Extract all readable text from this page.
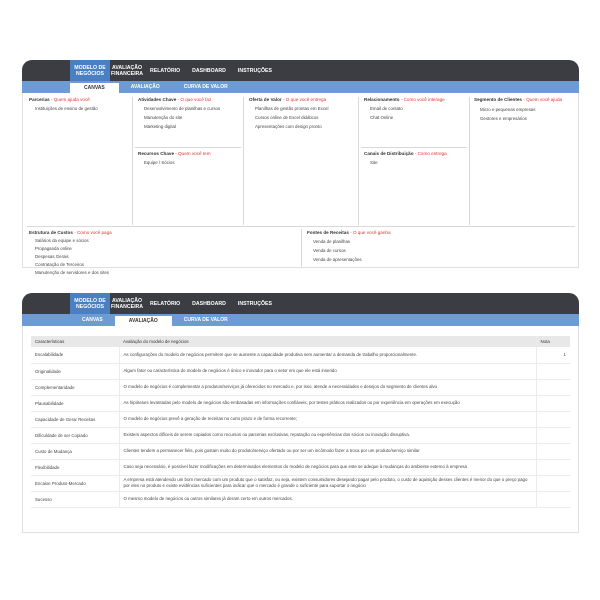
MODELO DE NEGÓCIOS
AVALIAÇÃO FINANCEIRA	RELATÓRIO	DASHBOARD	INSTRUÇÕES
CANVAS	AVALIAÇÃO	CURVA DE VALOR
Parcerias - Quem ajuda você
Instituições de ensino de gestão
Atividades Chave - O que você faz
Desenvolvimento de planilhas e cursos
Manutenção do site
Marketing digital
Recursos Chave - Quem você tem
Equipe / Sócios
Oferta de Valor - O que você entrega
Planilhas de gestão prontas em Excel
Cursos online de Excel didáticos
Apresentações com design pronto
Relacionamento - Como você interage
Email de contato
Chat Online
Canais de Distribuição - Como entrega
Site
Segmento de Clientes - Quem você ajuda
Micro e pequenas empresas
Gestores e empresários
Estrutura de Custos - Como você paga
Salários da equipe e sócios
Propaganda online
Despesas Gerais
Contratação de Terceiros
Manutenção de servidores e dos sites
Fontes de Receitas - O que você ganha
Venda de planilhas
Venda de cursos
Venda de apresentações
MODELO DE NEGÓCIOS
AVALIAÇÃO FINANCEIRA	RELATÓRIO	DASHBOARD	INSTRUÇÕES
CANVAS	AVALIAÇÃO	CURVA DE VALOR
Características	Avaliação do modelo de negócios	Nota
Escalabilidade	As configurações do modelo de negócios permitem que se aumente a capacidade produtiva sem aumentar a demanda de trabalho proporcionalmente.	1
Originalidade	Algum fator ou característica do modelo de negócios é único e inovador para o setor em que ele está inserido	
Complementaridade	O modelo de negócios é complementar a produtos/serviços já oferecidos no mercado e, por isso, atende a necessidades e desejos do segmento de clientes alvo	
Plausabilidade	As hipóteses levantadas pelo modelo de negócios são embasadas em informações confiáveis, por testes práticos realizados ou por experiência em operações em execução	
Capacidade de Gerar Receitas	O modelo de negócios prevê a geração de receitas no curto prazo e de forma recorrente;	
Dificuldade de ser Copiado	Existem aspectos difíceis de serem copiados como recursos ou parcerias exclusivas, reputação ou experiências dos sócios ou inovação disruptiva.	
Custo de Mudança	Clientes tendem a permanecer fiéis, pois gostam muito do produto/serviço ofertado ou por ser um incômodo fazer a troca por um produto/serviço similar	
Flexibilidade	Caso seja necessário, é possível fazer modificações em determinados elementos do modelo de negócios para que este se adeque à mudanças do ambiente externo à empresa	
Encaixe Produto-Mercado	A empresa está atendendo um bom mercado com um produto que o satisfaz, ou seja, existem consumidores desejando pagar pelo produto, o custo de aquisição desses clientes é menor do que o preço pago por eles no produto e existe evidências suficientes para indicar que o mercado é grande o suficiente para suportar o negócio	
Sucesso	O mesmo modelo de negócios ou outros similares já deram certo em outros mercados.	
